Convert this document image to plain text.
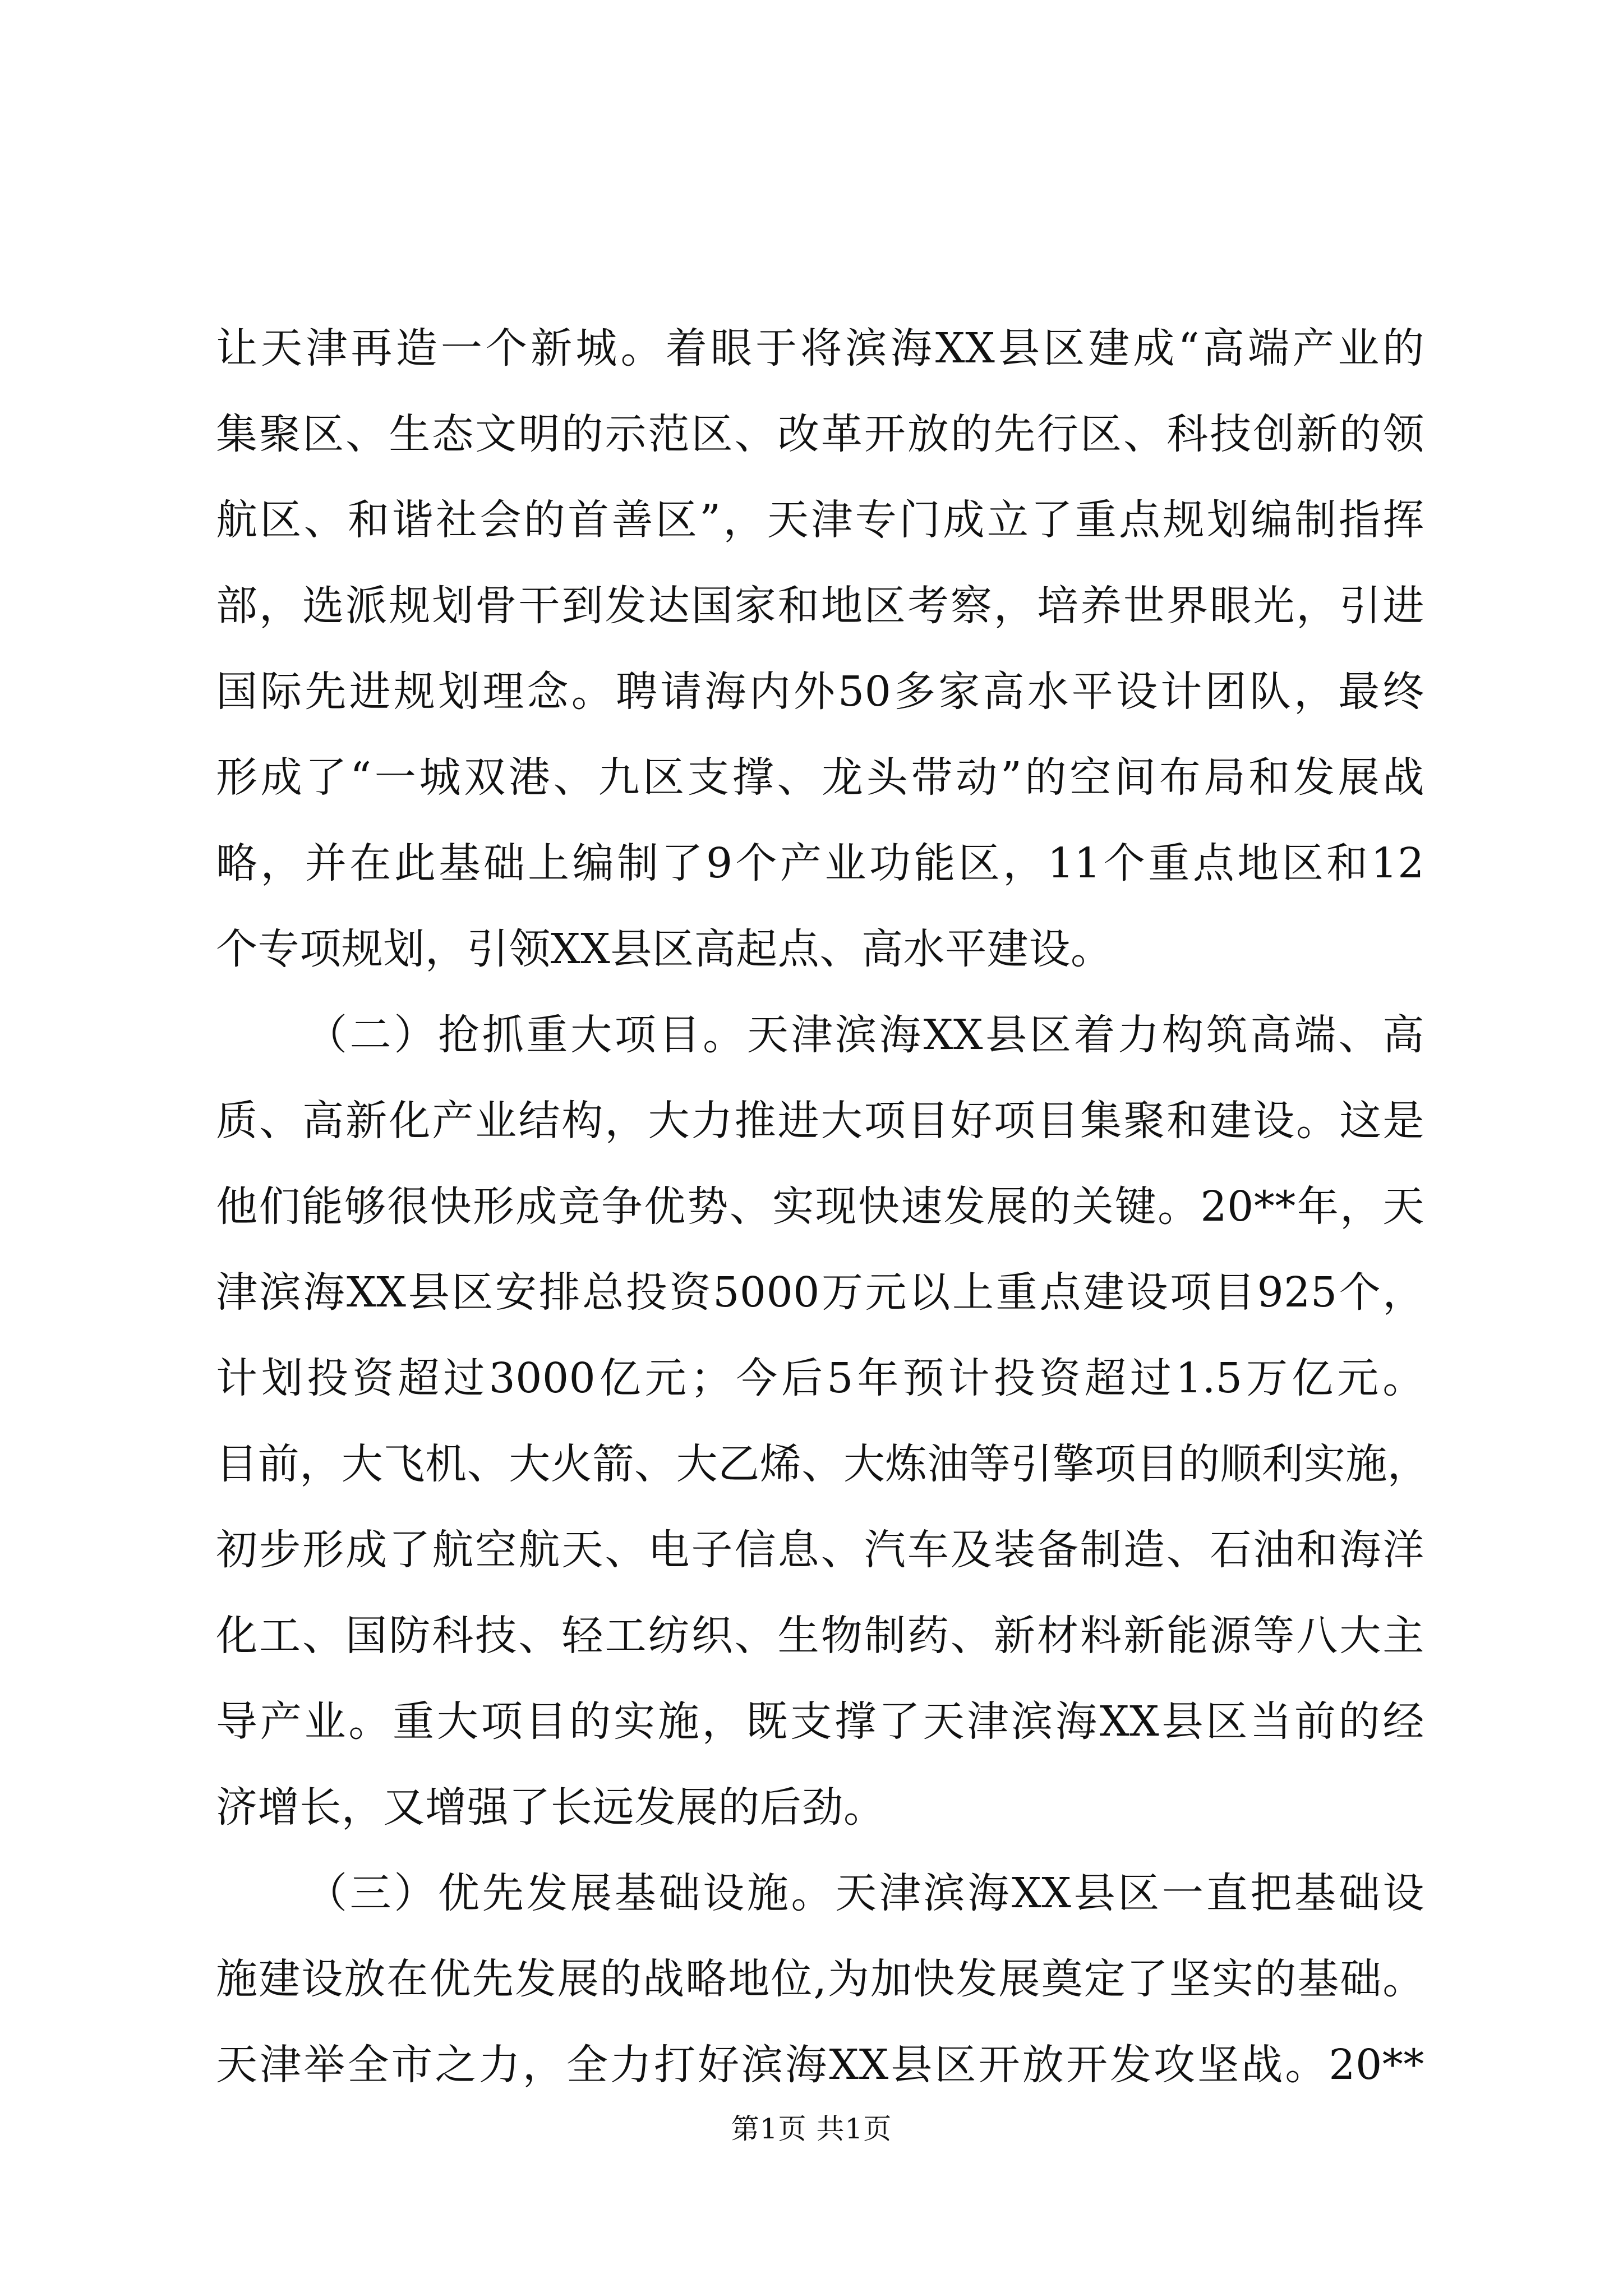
让天津再造一个新城。着眼于将滨海XX县区建成“高端产业的
集聚区、生态文明的示范区、改革开放的先行区、科技创新的领
航区、和谐社会的首善区”，天津专门成立了重点规划编制指挥
部，选派规划骨干到发达国家和地区考察，培养世界眼光，引进
国际先进规划理念。聘请海内外50多家高水平设计团队，最终
形成了“一城双港、九区支撑、龙头带动”的空间布局和发展战
略，并在此基础上编制了9个产业功能区，11个重点地区和12
个专项规划，引领XX县区高起点、高水平建设。
（二）抢抓重大项目。天津滨海XX县区着力构筑高端、高
质、高新化产业结构，大力推进大项目好项目集聚和建设。这是
他们能够很快形成竞争优势、实现快速发展的关键。20**年，天
津滨海XX县区安排总投资5000万元以上重点建设项目925个，
计划投资超过3000亿元；今后5年预计投资超过1.5万亿元。
目前，大飞机、大火箭、大乙烯、大炼油等引擎项目的顺利实施，
初步形成了航空航天、电子信息、汽车及装备制造、石油和海洋
化工、国防科技、轻工纺织、生物制药、新材料新能源等八大主
导产业。重大项目的实施，既支撑了天津滨海XX县区当前的经
济增长，又增强了长远发展的后劲。
（三）优先发展基础设施。天津滨海XX县区一直把基础设
施建设放在优先发展的战略地位,为加快发展奠定了坚实的基础。
天津举全市之力，全力打好滨海XX县区开放开发攻坚战。20**
第1页 共1页
